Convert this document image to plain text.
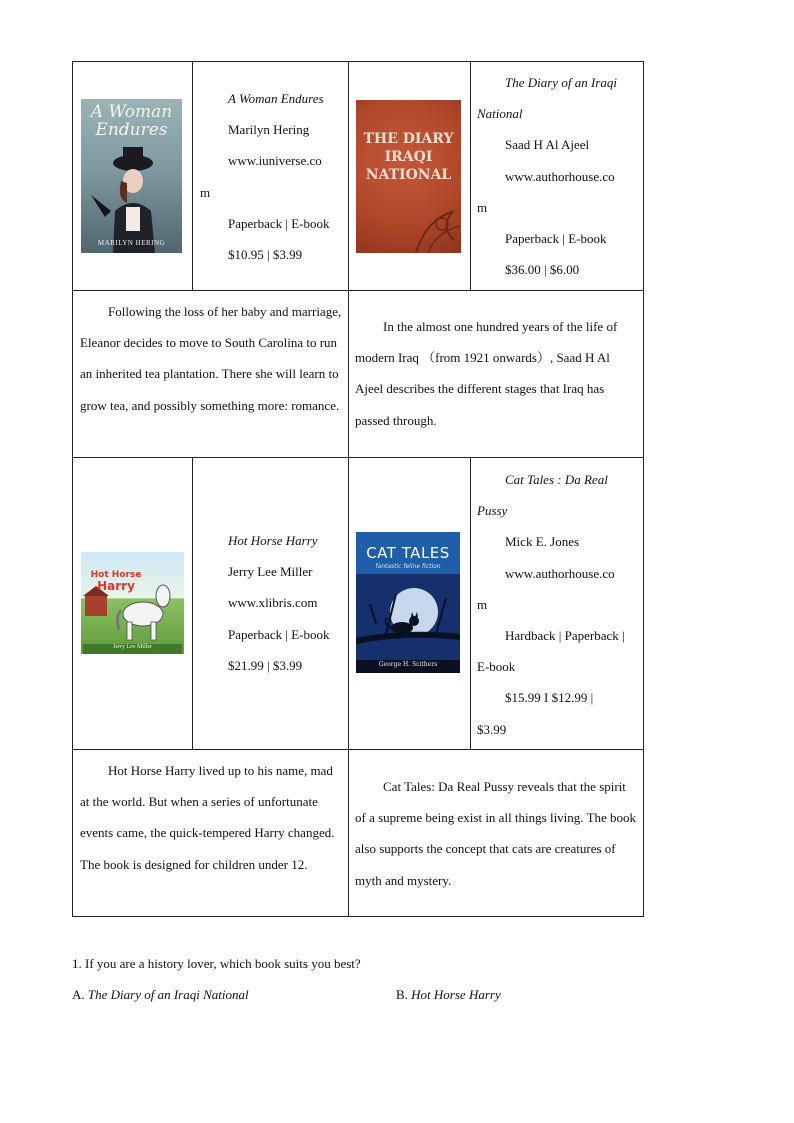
A Woman
Endures
MARILYN HERING
A Woman Endures
Marilyn Hering
www.iuniverse.co
m
Paperback | E-book
$10.95 | $3.99
THE DIARY
IRAQI
NATIONAL
The Diary of an Iraqi
National
Saad H Al Ajeel
www.authorhouse.co
m
Paperback | E-book
$36.00 | $6.00

Following the loss of her baby and marriage, Eleanor decides to move to South Carolina to run an inherited tea plantation. There she will learn to grow tea, and possibly something more: romance.

In the almost one hundred years of the life of modern Iraq （from 1921 onwards）, Saad H Al Ajeel describes the different stages that Iraq has passed through.

Hot Horse
Harry
Jerry Lee Miller
Hot Horse Harry
Jerry Lee Miller
www.xlibris.com
Paperback | E-book
$21.99 | $3.99
CAT TALES
fantastic feline fiction
George H. Scithers
Cat Tales : Da Real
Pussy
Mick E. Jones
www.authorhouse.co
m
Hardback | Paperback |
E-book
$15.99 I $12.99 |
$3.99

Hot Horse Harry lived up to his name, mad at the world. But when a series of unfortunate events came, the quick-tempered Harry changed. The book is designed for children under 12.

Cat Tales: Da Real Pussy reveals that the spirit of a supreme being exist in all things living. The book also supports the concept that cats are creatures of myth and mystery.

1. If you are a history lover, which book suits you best?
A. The Diary of an Iraqi National	B. Hot Horse Harry
